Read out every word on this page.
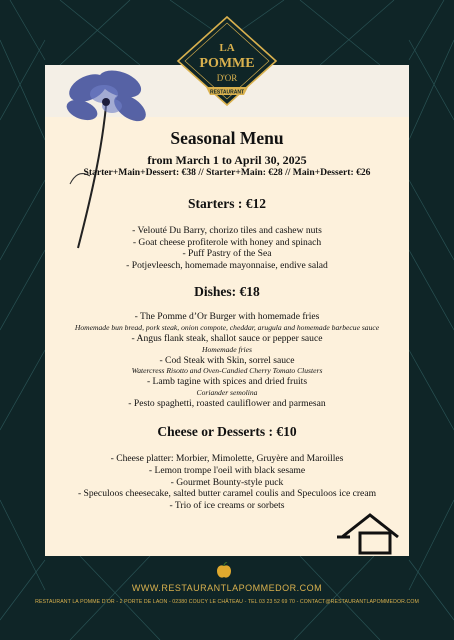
LA
POMME
D'OR
RESTAURANT
Seasonal Menu
from March 1 to April 30, 2025
Starter+Main+Dessert: €38 // Starter+Main: €28 // Main+Dessert: €26
Starters : €12
- Velouté Du Barry, chorizo tiles and cashew nuts
- Goat cheese profiterole with honey and spinach
- Puff Pastry of the Sea
- Potjevleesch, homemade mayonnaise, endive salad
Dishes: €18
- The Pomme d’Or Burger with homemade fries
Homemade bun bread, pork steak, onion compote, cheddar, arugula and homemade barbecue sauce
- Angus flank steak, shallot sauce or pepper sauce
Homemade fries
- Cod Steak with Skin, sorrel sauce
Watercress Risotto and Oven-Candied Cherry Tomato Clusters
- Lamb tagine with spices and dried fruits
Coriander semolina
- Pesto spaghetti, roasted cauliflower and parmesan
Cheese or Desserts : €10
- Cheese platter: Morbier, Mimolette, Gruyère and Maroilles
- Lemon trompe l'oeil with black sesame
- Gourmet Bounty-style puck
- Speculoos cheesecake, salted butter caramel coulis and Speculoos ice cream
- Trio of ice creams or sorbets
WWW.RESTAURANTLAPOMMEDOR.COM
RESTAURANT LA POMME D'OR - 2 PORTE DE LAON - 02380 COUCY LE CHÂTEAU - TEL 03 23 52 69 70 - CONTACT@RESTAURANTLAPOMMEDOR.COM
